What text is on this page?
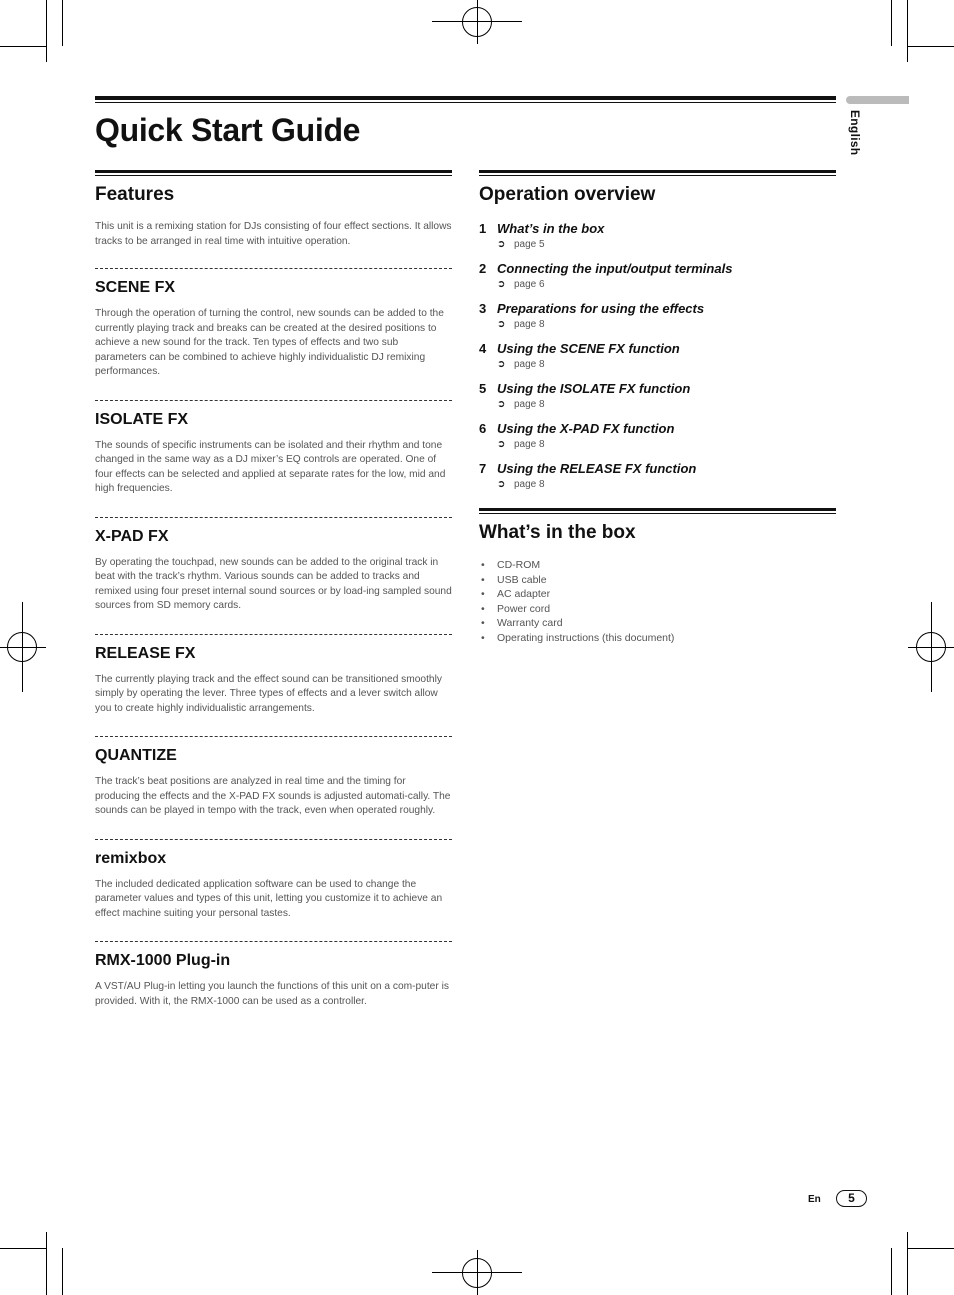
Quick Start Guide	English
Features

This unit is a remixing station for DJs consisting of four effect sections. It allows tracks to be arranged in real time with intuitive operation.

SCENE FX

Through the operation of turning the control, new sounds can be added to the currently playing track and breaks can be created at the desired positions to achieve a new sound for the track. Ten types of effects and two sub parameters can be combined to achieve highly individualistic DJ remixing performances.

ISOLATE FX

The sounds of specific instruments can be isolated and their rhythm and tone changed in the same way as a DJ mixer’s EQ controls are operated. One of four effects can be selected and applied at separate rates for the low, mid and high frequencies.

X-PAD FX

By operating the touchpad, new sounds can be added to the original track in beat with the track’s rhythm. Various sounds can be added to tracks and remixed using four preset internal sound sources or by load-ing sampled sound sources from SD memory cards.

RELEASE FX

The currently playing track and the effect sound can be transitioned smoothly simply by operating the lever. Three types of effects and a lever switch allow you to create highly individualistic arrangements.

QUANTIZE

The track’s beat positions are analyzed in real time and the timing for producing the effects and the X-PAD FX sounds is adjusted automati-cally. The sounds can be played in tempo with the track, even when operated roughly.

remixbox

The included dedicated application software can be used to change the parameter values and types of this unit, letting you customize it to achieve an effect machine suiting your personal tastes.

RMX-1000 Plug-in

A VST/AU Plug-in letting you launch the functions of this unit on a com-puter is provided. With it, the RMX-1000 can be used as a controller.

Operation overview
1 What’s in the box
➲ page 5
2 Connecting the input/output terminals
➲ page 6
3 Preparations for using the effects
➲ page 8
4 Using the SCENE FX function
➲ page 8
5 Using the ISOLATE FX function
➲ page 8
6 Using the X-PAD FX function
➲ page 8
7 Using the RELEASE FX function
➲ page 8
What’s in the box
• CD-ROM
• USB cable
• AC adapter
• Power cord
• Warranty card
• Operating instructions (this document)
En	5
